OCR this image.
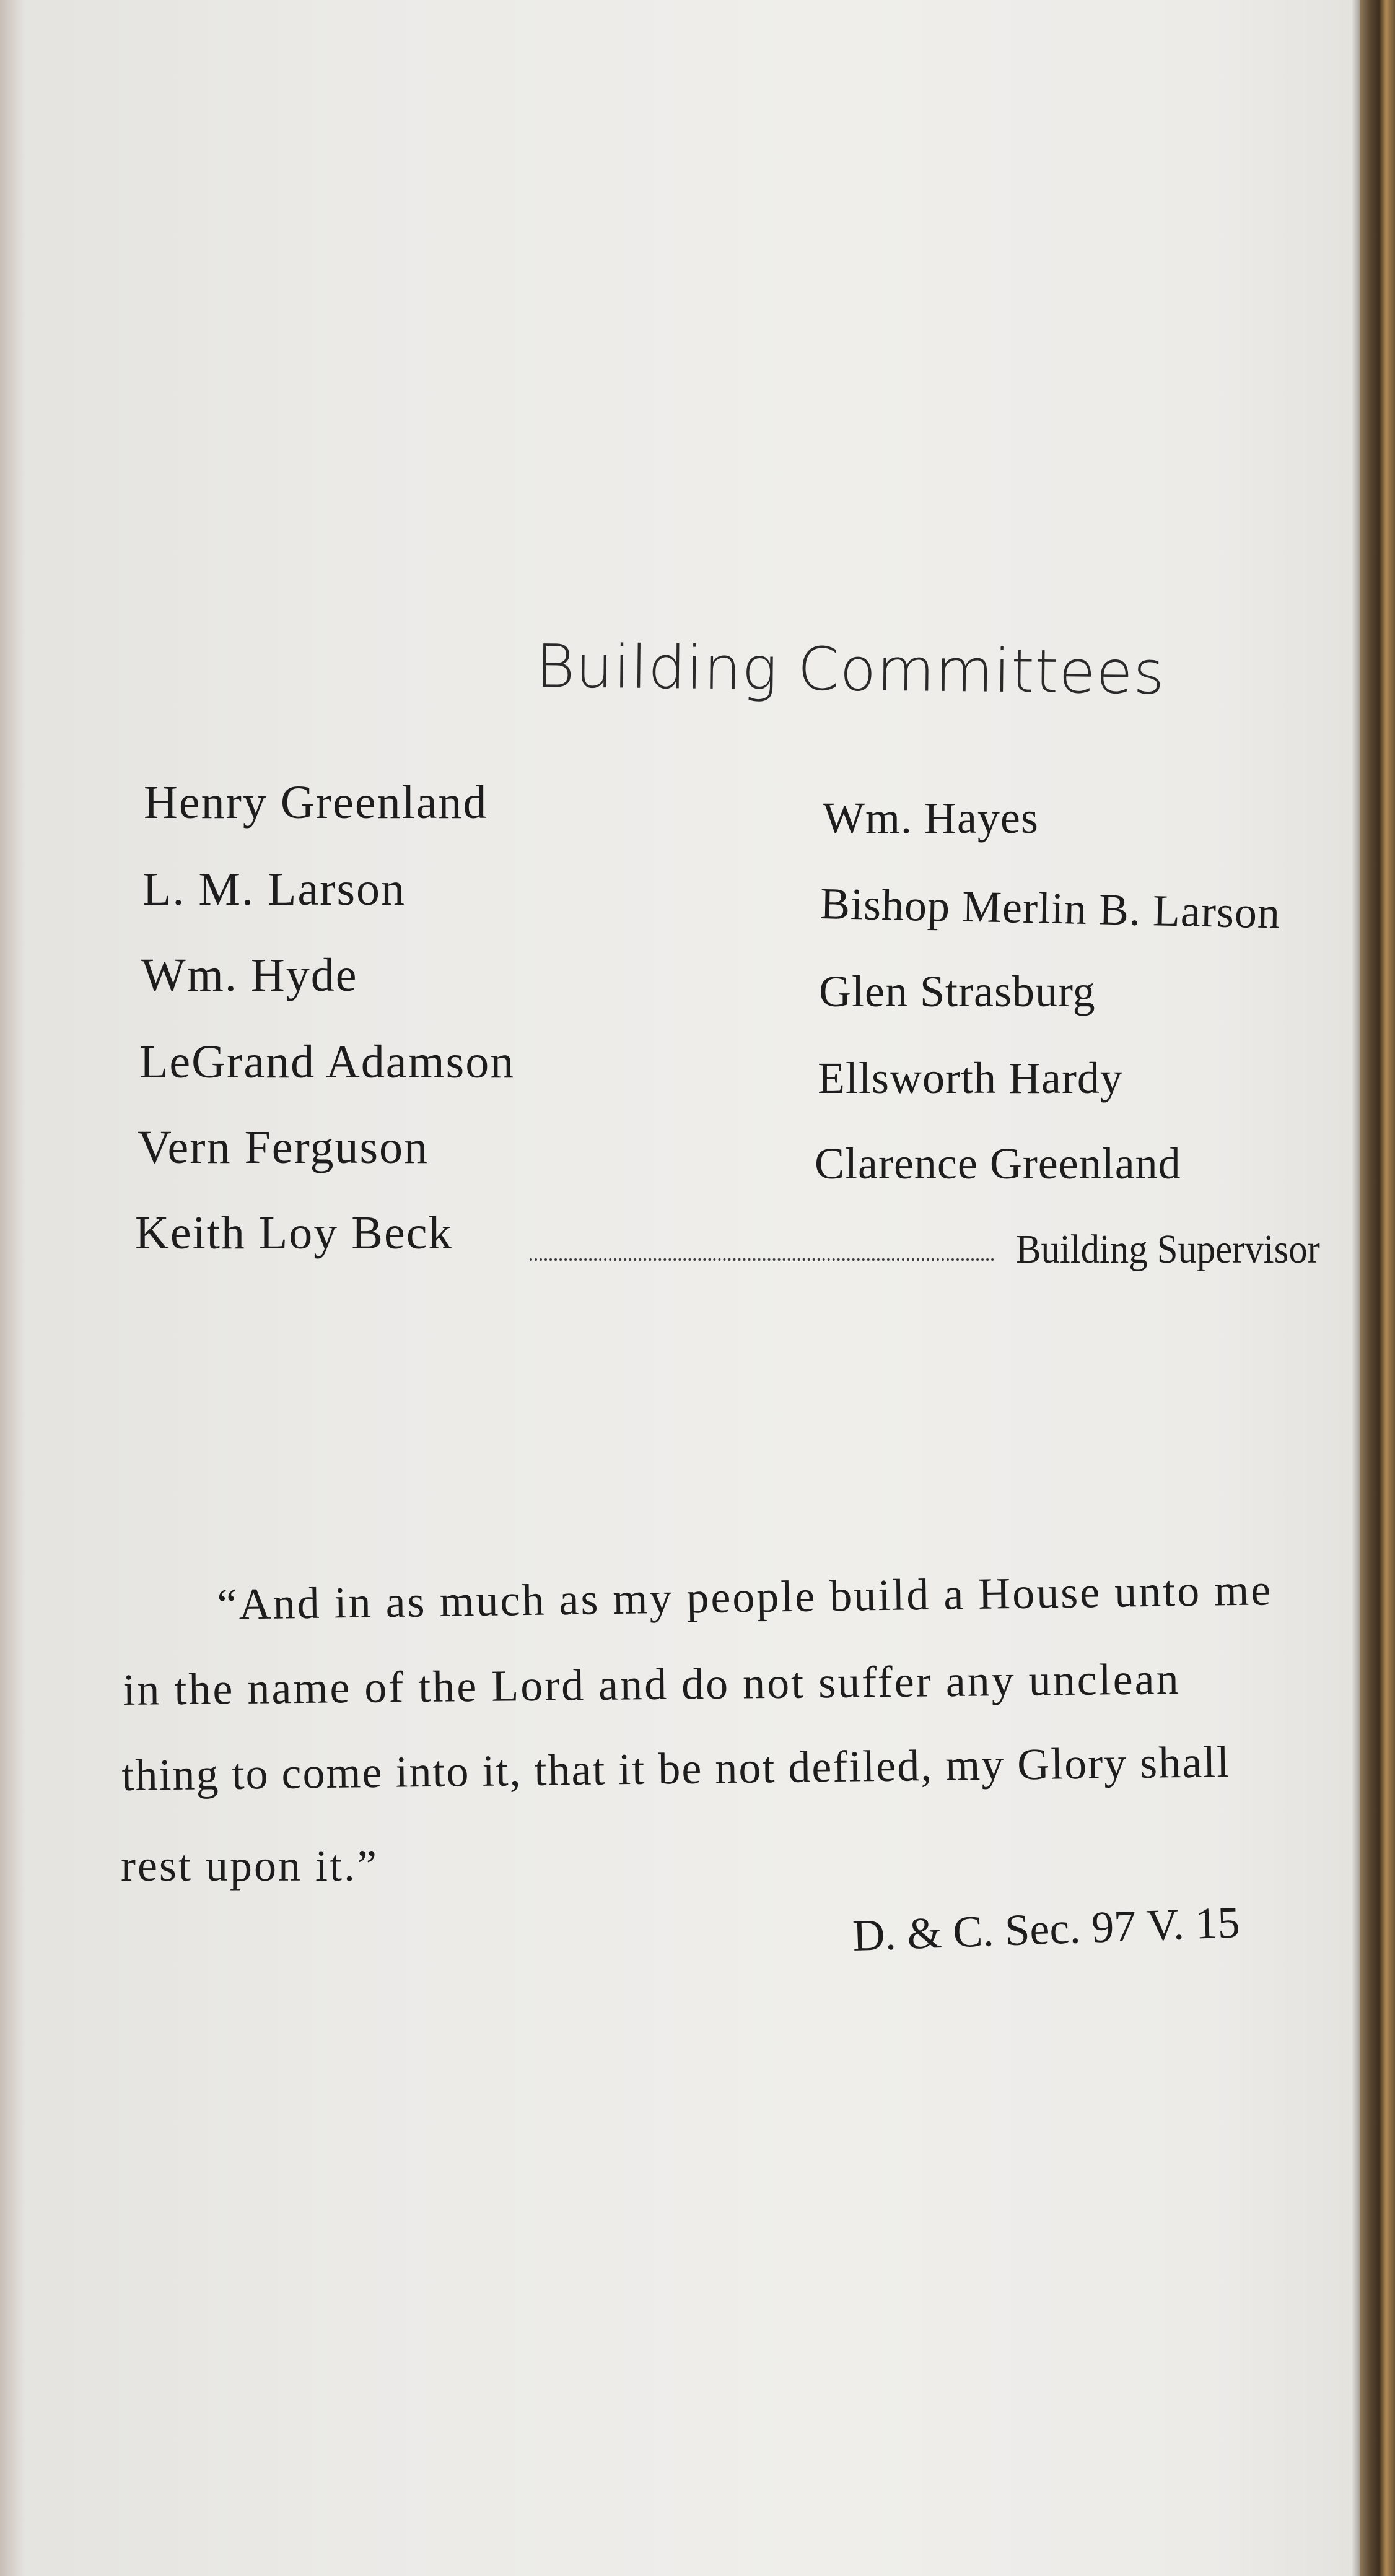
Building Committees
Henry Greenland
L. M. Larson
Wm. Hyde
LeGrand Adamson
Vern Ferguson
Keith Loy Beck
Wm. Hayes
Bishop Merlin B. Larson
Glen Strasburg
Ellsworth Hardy
Clarence Greenland
Building Supervisor
“And in as much as my people build a House unto me
in the name of the Lord and do not suffer any unclean
thing to come into it, that it be not defiled, my Glory shall
rest upon it.”
D. & C. Sec. 97 V. 15
